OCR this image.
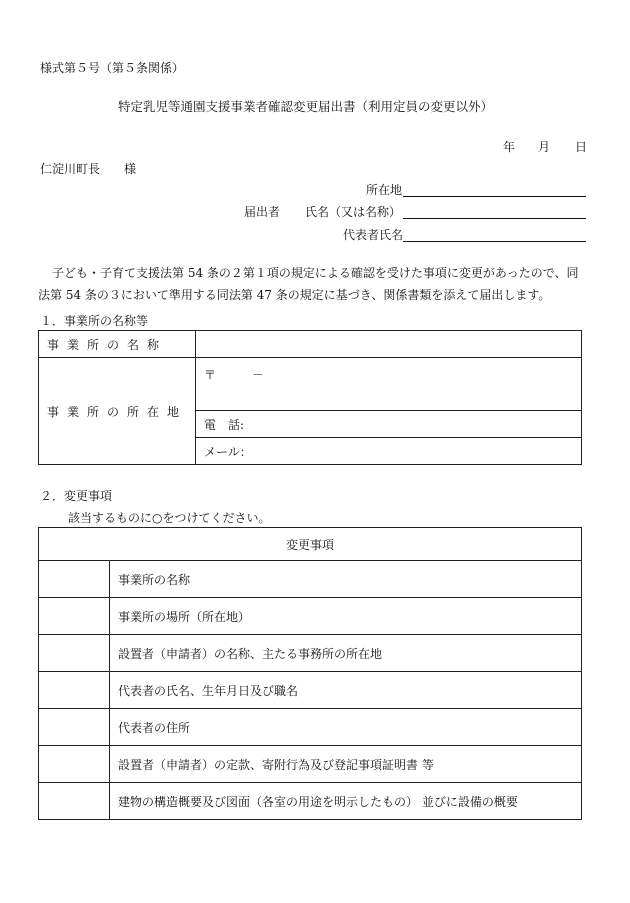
様式第５号（第５条関係）
特定乳児等通園支援事業者確認変更届出書（利用定員の変更以外）
年 月 日
仁淀川町長　　様
所在地
届出者 氏名（又は名称）
代表者氏名
子ども・子育て支援法第 54 条の２第１項の規定による確認を受けた事項に変更があったので、同法第 54 条の３において準用する同法第 47 条の規定に基づき、関係書類を添えて届出します。
１．事業所の名称等
事業所の名称	
事業所の所在地	〒　　　－
	電　話:
	メール：
２．変更事項
該当するものに○をつけてください。
変更事項	
	事業所の名称
	事業所の場所（所在地）
	設置者（申請者）の名称、主たる事務所の所在地
	代表者の氏名、生年月日及び職名
	代表者の住所
	設置者（申請者）の定款、寄附行為及び登記事項証明書 等
	建物の構造概要及び図面（各室の用途を明示したもの） 並びに設備の概要
